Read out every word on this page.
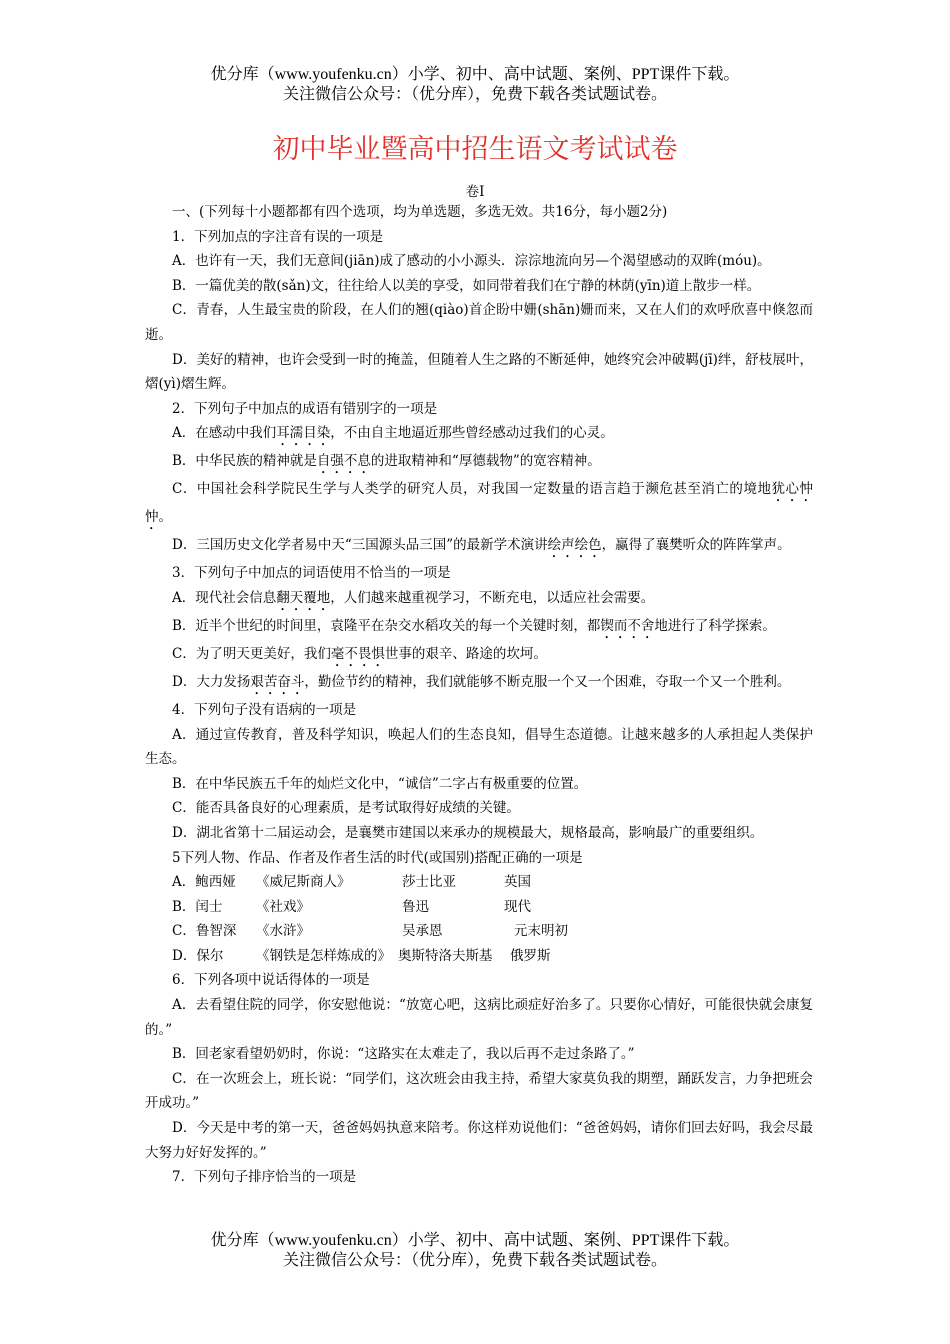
优分库（www.youfenku.cn）小学、初中、高中试题、案例、PPT课件下载。
关注微信公众号：（优分库），免费下载各类试题试卷。
初中毕业暨高中招生语文考试试卷
卷I

一、(下列每十小题都都有四个选项，均为单选题，多选无效。共16分，每小题2分)

1．下列加点的字注音有误的一项是

A．也许有一天，我们无意间(jiān)成了感动的小小源头．淙淙地流向另—个渴望感动的双眸(móu)。

B．一篇优美的散(sǎn)文，往往给人以美的享受，如同带着我们在宁静的林荫(yīn)道上散步一样。

C．青春，人生最宝贵的阶段，在人们的翘(qiào)首企盼中姗(shān)姗而来，又在人们的欢呼欣喜中倏忽而逝。

D．美好的精神，也许会受到一时的掩盖，但随着人生之路的不断延伸，她终究会冲破羁(jī)绊，舒枝展叶，熠(yì)熠生辉。

2．下列句子中加点的成语有错别字的一项是

A．在感动中我们耳濡目染，不由自主地逼近那些曾经感动过我们的心灵。

B．中华民族的精神就是自强不息的进取精神和“厚德载物”的宽容精神。

C．中国社会科学院民生学与人类学的研究人员，对我国一定数量的语言趋于濒危甚至消亡的境地犹心忡忡。

D．三国历史文化学者易中天“三国源头品三国”的最新学术演讲绘声绘色，赢得了襄樊听众的阵阵掌声。

3．下列句子中加点的词语使用不恰当的一项是

A．现代社会信息翻天覆地，人们越来越重视学习，不断充电，以适应社会需要。

B．近半个世纪的时间里，袁隆平在杂交水稻攻关的每一个关键时刻，都锲而不舍地进行了科学探索。

C．为了明天更美好，我们毫不畏惧世事的艰辛、路途的坎坷。

D．大力发扬艰苦奋斗，勤俭节约的精神，我们就能够不断克服一个又一个困难，夺取一个又一个胜利。

4．下列句子没有语病的一项是

A．通过宣传教育，普及科学知识，唤起人们的生态良知，倡导生态道德。让越来越多的人承担起人类保护生态。

B．在中华民族五千年的灿烂文化中，“诚信”二字占有极重要的位置。

C．能否具备良好的心理素质，是考试取得好成绩的关键。

D．湖北省第十二届运动会，是襄樊市建国以来承办的规模最大，规格最高，影响最广的重要组织。

5下列人物、作品、作者及作者生活的时代(或国别)搭配正确的一项是

A．鲍西娅	《威尼斯商人》	莎士比亚	英国
B．闰士	《社戏》	鲁迅	现代
C．鲁智深	《水浒》	吴承恩	元末明初
D．保尔	《钢铁是怎样炼成的》 奥斯特洛夫斯基	俄罗斯

6．下列各项中说话得体的一项是

A．去看望住院的同学，你安慰他说：“放宽心吧，这病比顽症好治多了。只要你心情好，可能很快就会康复的。”

B．回老家看望奶奶时，你说：“这路实在太难走了，我以后再不走过条路了。”

C．在一次班会上，班长说：“同学们，这次班会由我主持，希望大家莫负我的期塑，踊跃发言，力争把班会开成功。”

D．今天是中考的第一天，爸爸妈妈执意来陪考。你这样劝说他们：“爸爸妈妈，请你们回去好吗，我会尽最大努力好好发挥的。”

7．下列句子排序恰当的一项是

优分库（www.youfenku.cn）小学、初中、高中试题、案例、PPT课件下载。
关注微信公众号：（优分库），免费下载各类试题试卷。
